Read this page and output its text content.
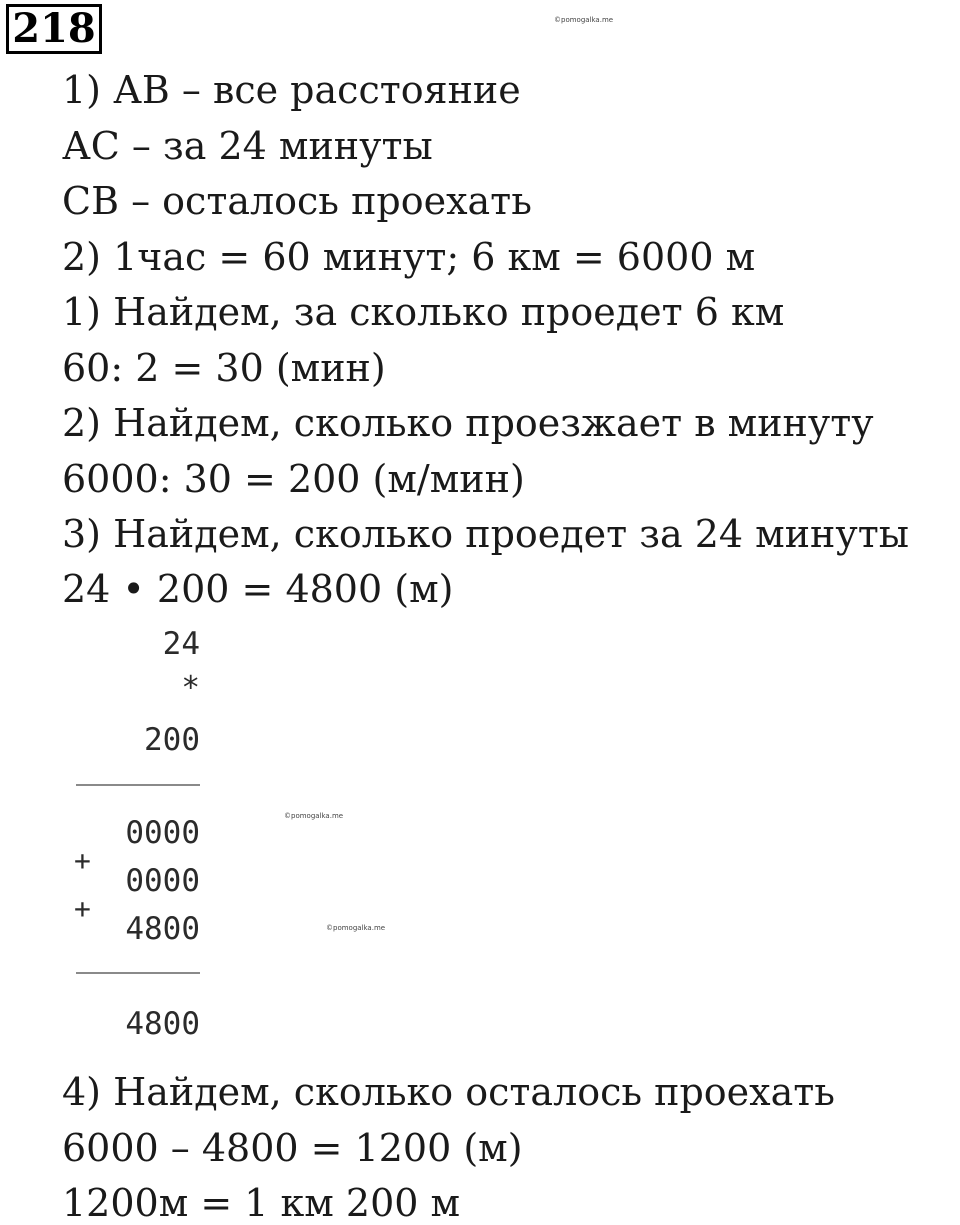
218	©pomogalka.me
©pomogalka.me
©pomogalka.me
1) АВ – все расстояние
АС – за 24 минуты
СВ – осталось проехать
2) 1час = 60 минут; 6 км = 6000 м
1) Найдем, за сколько проедет 6 км
60: 2 = 30 (мин)
2) Найдем, сколько проезжает в минуту
6000: 30 = 200 (м/мин)
3) Найдем, сколько проедет за 24 минуты
24 • 200 = 4800 (м)
24
*
200
0000
+
0000
+
4800
4800
4) Найдем, сколько осталось проехать
6000 – 4800 = 1200 (м)
1200м = 1 км 200 м
